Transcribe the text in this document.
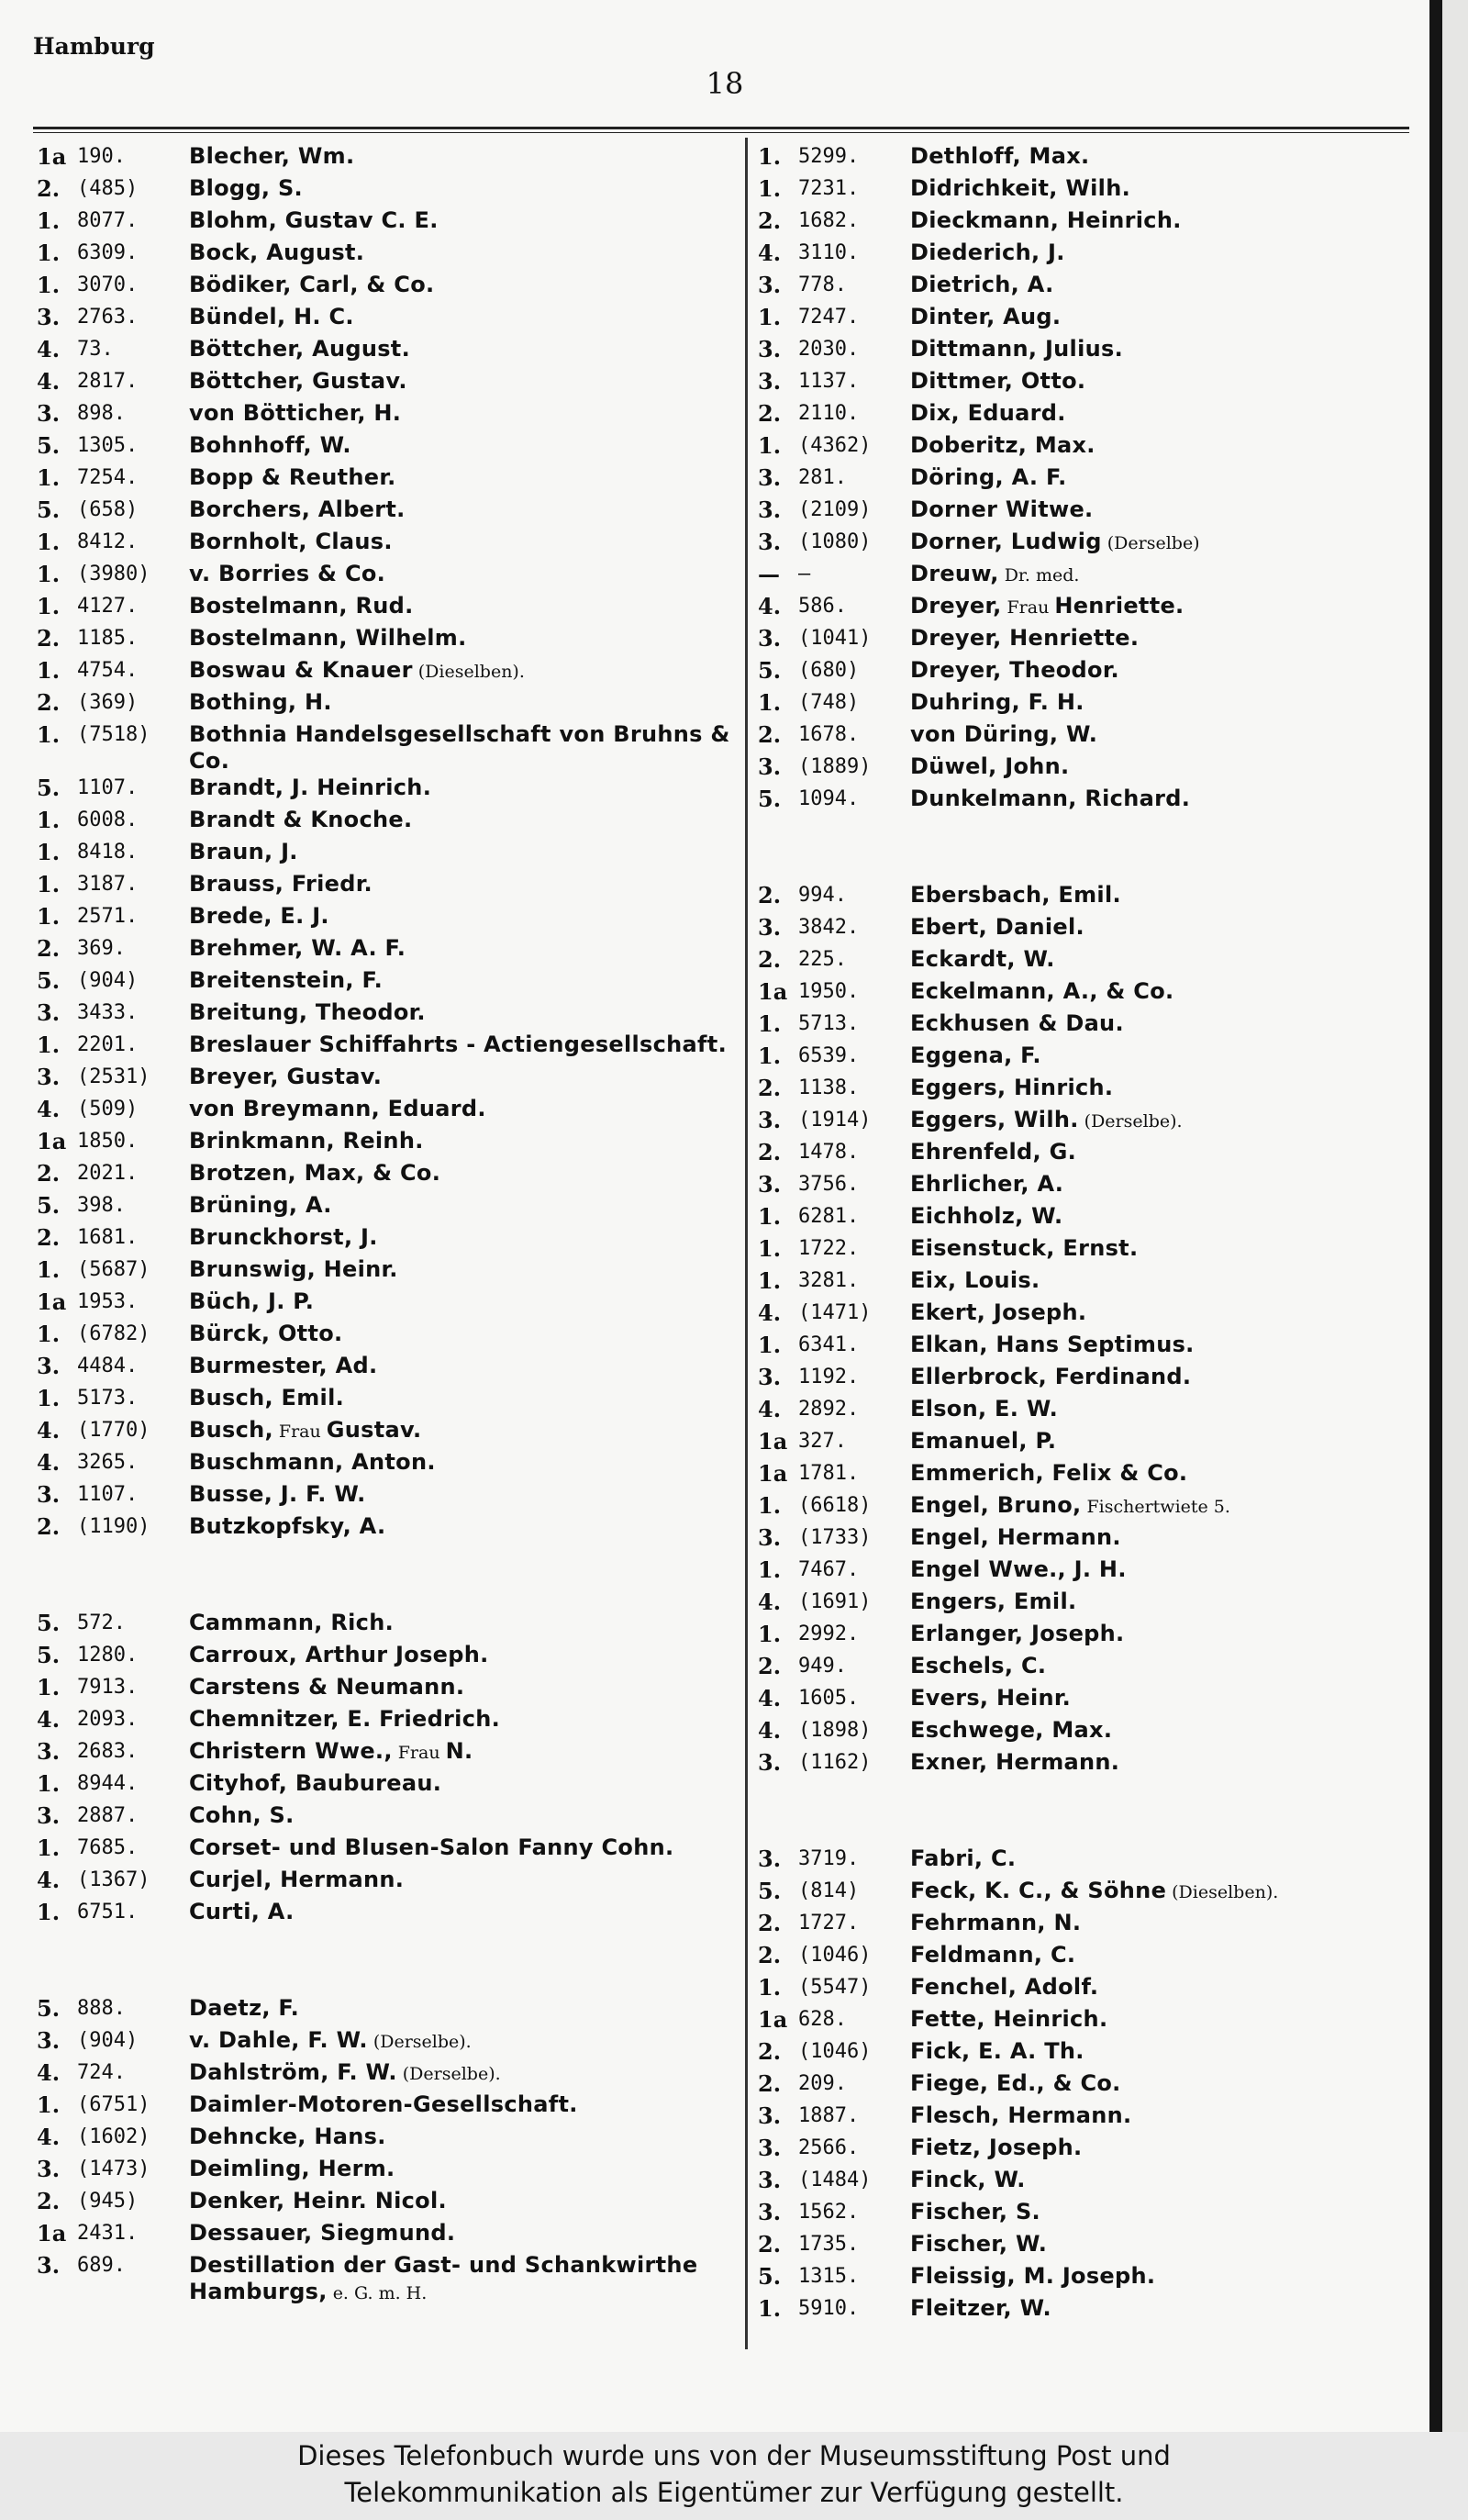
Hamburg
18
1a 190.	Blecher, Wm.
2. (485)	Blogg, S.
1. 8077.	Blohm, Gustav C. E.
1. 6309.	Bock, August.
1. 3070.	Bödiker, Carl, & Co.
3. 2763.	Bündel, H. C.
4. 73.	Böttcher, August.
4. 2817.	Böttcher, Gustav.
3. 898.	von Bötticher, H.
5. 1305.	Bohnhoff, W.
1. 7254.	Bopp & Reuther.
5. (658)	Borchers, Albert.
1. 8412.	Bornholt, Claus.
1. (3980)	v. Borries & Co.
1. 4127.	Bostelmann, Rud.
2. 1185.	Bostelmann, Wilhelm.
1. 4754.	Boswau & Knauer (Dieselben).
2. (369)	Bothing, H.
1. (7518)	Bothnia Handelsgesellschaft von Bruhns & Co.
5. 1107.	Brandt, J. Heinrich.
1. 6008.	Brandt & Knoche.
1. 8418.	Braun, J.
1. 3187.	Brauss, Friedr.
1. 2571.	Brede, E. J.
2. 369.	Brehmer, W. A. F.
5. (904)	Breitenstein, F.
3. 3433.	Breitung, Theodor.
1. 2201.	Breslauer Schiffahrts - Actiengesellschaft.
3. (2531)	Breyer, Gustav.
4. (509)	von Breymann, Eduard.
1a 1850.	Brinkmann, Reinh.
2. 2021.	Brotzen, Max, & Co.
5. 398.	Brüning, A.
2. 1681.	Brunckhorst, J.
1. (5687)	Brunswig, Heinr.
1a 1953.	Büch, J. P.
1. (6782)	Bürck, Otto.
3. 4484.	Burmester, Ad.
1. 5173.	Busch, Emil.
4. (1770)	Busch, Frau Gustav.
4. 3265.	Buschmann, Anton.
3. 1107.	Busse, J. F. W.
2. (1190)	Butzkopfsky, A.
5. 572.	Cammann, Rich.
5. 1280.	Carroux, Arthur Joseph.
1. 7913.	Carstens & Neumann.
4. 2093.	Chemnitzer, E. Friedrich.
3. 2683.	Christern Wwe., Frau N.
1. 8944.	Cityhof, Baubureau.
3. 2887.	Cohn, S.
1. 7685.	Corset- und Blusen-Salon Fanny Cohn.
4. (1367)	Curjel, Hermann.
1. 6751.	Curti, A.
5. 888.	Daetz, F.
3. (904)	v. Dahle, F. W. (Derselbe).
4. 724.	Dahlström, F. W. (Derselbe).
1. (6751)	Daimler-Motoren-Gesellschaft.
4. (1602)	Dehncke, Hans.
3. (1473)	Deimling, Herm.
2. (945)	Denker, Heinr. Nicol.
1a 2431.	Dessauer, Siegmund.
3. 689.	Destillation der Gast- und Schankwirthe Hamburgs, e. G. m. H.
1. 5299.	Dethloff, Max.
1. 7231.	Didrichkeit, Wilh.
2. 1682.	Dieckmann, Heinrich.
4. 3110.	Diederich, J.
3. 778.	Dietrich, A.
1. 7247.	Dinter, Aug.
3. 2030.	Dittmann, Julius.
3. 1137.	Dittmer, Otto.
2. 2110.	Dix, Eduard.
1. (4362)	Doberitz, Max.
3. 281.	Döring, A. F.
3. (2109)	Dorner Witwe.
3. (1080)	Dorner, Ludwig (Derselbe)
— —	Dreuw, Dr. med.
4. 586.	Dreyer, Frau Henriette.
3. (1041)	Dreyer, Henriette.
5. (680)	Dreyer, Theodor.
1. (748)	Duhring, F. H.
2. 1678.	von Düring, W.
3. (1889)	Düwel, John.
5. 1094.	Dunkelmann, Richard.
2. 994.	Ebersbach, Emil.
3. 3842.	Ebert, Daniel.
2. 225.	Eckardt, W.
1a 1950.	Eckelmann, A., & Co.
1. 5713.	Eckhusen & Dau.
1. 6539.	Eggena, F.
2. 1138.	Eggers, Hinrich.
3. (1914)	Eggers, Wilh. (Derselbe).
2. 1478.	Ehrenfeld, G.
3. 3756.	Ehrlicher, A.
1. 6281.	Eichholz, W.
1. 1722.	Eisenstuck, Ernst.
1. 3281.	Eix, Louis.
4. (1471)	Ekert, Joseph.
1. 6341.	Elkan, Hans Septimus.
3. 1192.	Ellerbrock, Ferdinand.
4. 2892.	Elson, E. W.
1a 327.	Emanuel, P.
1a 1781.	Emmerich, Felix & Co.
1. (6618)	Engel, Bruno, Fischertwiete 5.
3. (1733)	Engel, Hermann.
1. 7467.	Engel Wwe., J. H.
4. (1691)	Engers, Emil.
1. 2992.	Erlanger, Joseph.
2. 949.	Eschels, C.
4. 1605.	Evers, Heinr.
4. (1898)	Eschwege, Max.
3. (1162)	Exner, Hermann.
3. 3719.	Fabri, C.
5. (814)	Feck, K. C., & Söhne (Dieselben).
2. 1727.	Fehrmann, N.
2. (1046)	Feldmann, C.
1. (5547)	Fenchel, Adolf.
1a 628.	Fette, Heinrich.
2. (1046)	Fick, E. A. Th.
2. 209.	Fiege, Ed., & Co.
3. 1887.	Flesch, Hermann.
3. 2566.	Fietz, Joseph.
3. (1484)	Finck, W.
3. 1562.	Fischer, S.
2. 1735.	Fischer, W.
5. 1315.	Fleissig, M. Joseph.
1. 5910.	Fleitzer, W.
Dieses Telefonbuch wurde uns von der Museumsstiftung Post und
Telekommunikation als Eigentümer zur Verfügung gestellt.
